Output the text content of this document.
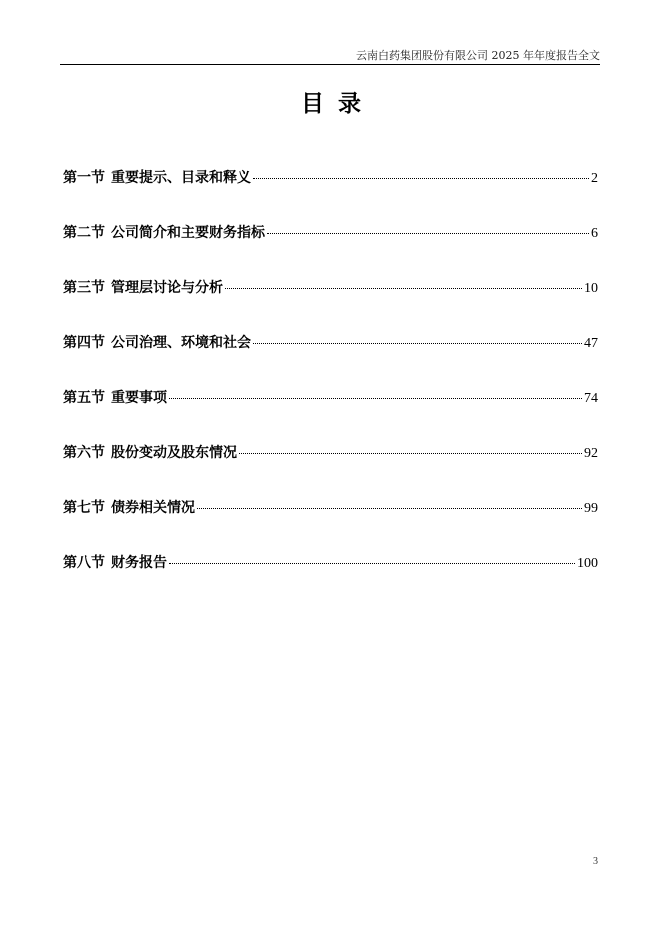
云南白药集团股份有限公司 2025 年年度报告全文
目录
第一节 重要提示、目录和释义	2
第二节 公司简介和主要财务指标	6
第三节 管理层讨论与分析	10
第四节 公司治理、环境和社会	47
第五节 重要事项	74
第六节 股份变动及股东情况	92
第七节 债券相关情况	99
第八节 财务报告	100
3
